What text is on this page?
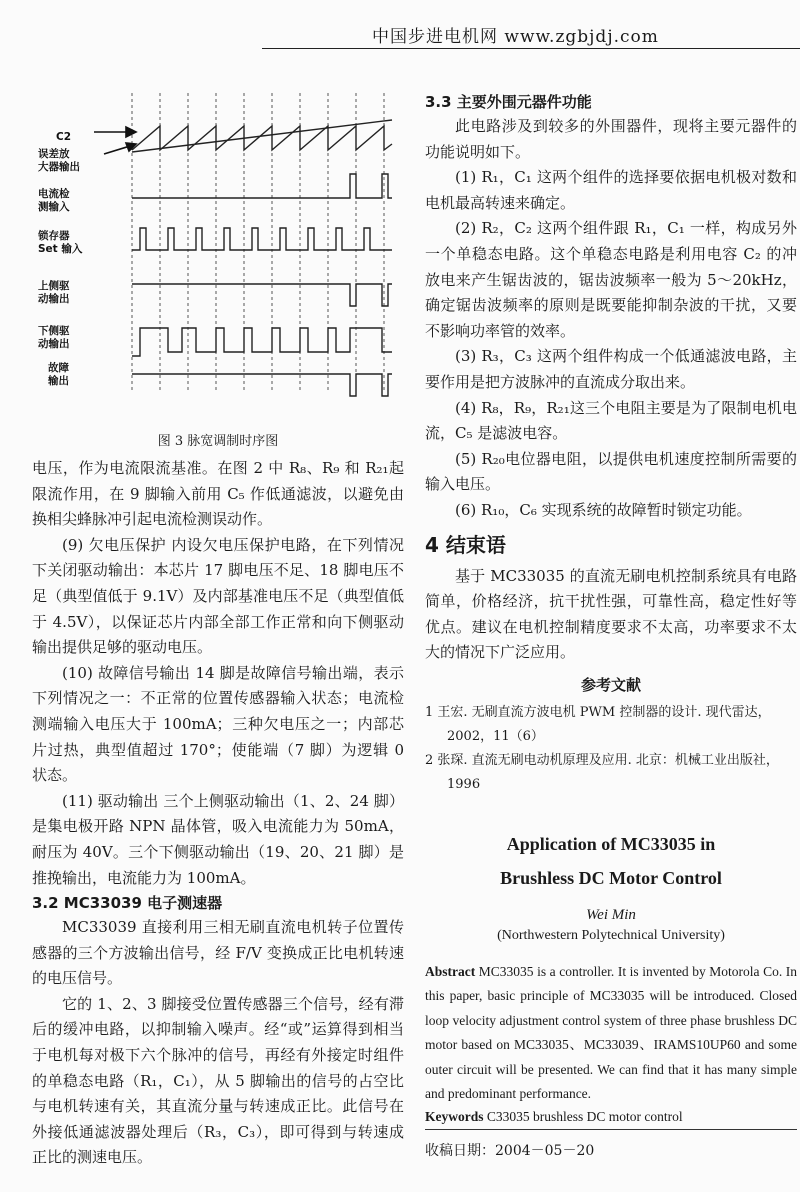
中国步进电机网 www.zgbjdj.com
C2
误差放
大器输出
电流检
测输入
锁存器
Set 输入
上侧驱
动输出
下侧驱
动输出
故障
输出

图 3 脉宽调制时序图

电压，作为电流限流基准。在图 2 中 R₈、R₉ 和 R₂₁起限流作用，在 9 脚输入前用 C₅ 作低通滤波，以避免由换相尖蜂脉冲引起电流检测误动作。

(9) 欠电压保护 内设欠电压保护电路，在下列情况下关闭驱动输出：本芯片 17 脚电压不足、18 脚电压不足（典型值低于 9.1V）及内部基准电压不足（典型值低于 4.5V），以保证芯片内部全部工作正常和向下侧驱动输出提供足够的驱动电压。

(10) 故障信号输出 14 脚是故障信号输出端，表示下列情况之一：不正常的位置传感器输入状态；电流检测端输入电压大于 100mA；三种欠电压之一；内部芯片过热，典型值超过 170°；使能端（7 脚）为逻辑 0 状态。

(11) 驱动输出 三个上侧驱动输出（1、2、24 脚）是集电极开路 NPN 晶体管，吸入电流能力为 50mA，耐压为 40V。三个下侧驱动输出（19、20、21 脚）是推挽输出，电流能力为 100mA。

3.2 MC33039 电子测速器

MC33039 直接利用三相无刷直流电机转子位置传感器的三个方波输出信号，经 F/V 变换成正比电机转速的电压信号。

它的 1、2、3 脚接受位置传感器三个信号，经有滞后的缓冲电路，以抑制输入噪声。经“或”运算得到相当于电机每对极下六个脉冲的信号，再经有外接定时组件的单稳态电路（R₁，C₁），从 5 脚输出的信号的占空比与电机转速有关，其直流分量与转速成正比。此信号在外接低通滤波器处理后（R₃，C₃），即可得到与转速成正比的测速电压。

3.3 主要外围元器件功能

此电路涉及到较多的外围器件，现将主要元器件的功能说明如下。

(1) R₁，C₁ 这两个组件的选择要依据电机极对数和电机最高转速来确定。

(2) R₂，C₂ 这两个组件跟 R₁，C₁ 一样，构成另外一个单稳态电路。这个单稳态电路是利用电容 C₂ 的冲放电来产生锯齿波的，锯齿波频率一般为 5～20kHz，确定锯齿波频率的原则是既要能抑制杂波的干扰，又要不影响功率管的效率。

(3) R₃，C₃ 这两个组件构成一个低通滤波电路，主要作用是把方波脉冲的直流成分取出来。

(4) R₈，R₉，R₂₁这三个电阻主要是为了限制电机电流，C₅ 是滤波电容。

(5) R₂₀电位器电阻，以提供电机速度控制所需要的输入电压。

(6) R₁₀，C₆ 实现系统的故障暂时锁定功能。

4 结束语

基于 MC33035 的直流无刷电机控制系统具有电路简单，价格经济，抗干扰性强，可靠性高，稳定性好等优点。建议在电机控制精度要求不太高，功率要求不太大的情况下广泛应用。

参考文献

1 王宏. 无刷直流方波电机 PWM 控制器的设计. 现代雷达，2002，11（6）

2 张琛. 直流无刷电动机原理及应用. 北京：机械工业出版社，1996

Application of MC33035 in

Brushless DC Motor Control

Wei Min

(Northwestern Polytechnical University)

Abstract MC33035 is a controller. It is invented by Motorola Co. In this paper, basic principle of MC33035 will be introduced. Closed loop velocity adjustment control system of three phase brushless DC motor based on MC33035、MC33039、IRAMS10UP60 and some outer circuit will be presented. We can find that it has many simple and predominant performance.

Keywords C33035 brushless DC motor control

收稿日期：2004－05－20
